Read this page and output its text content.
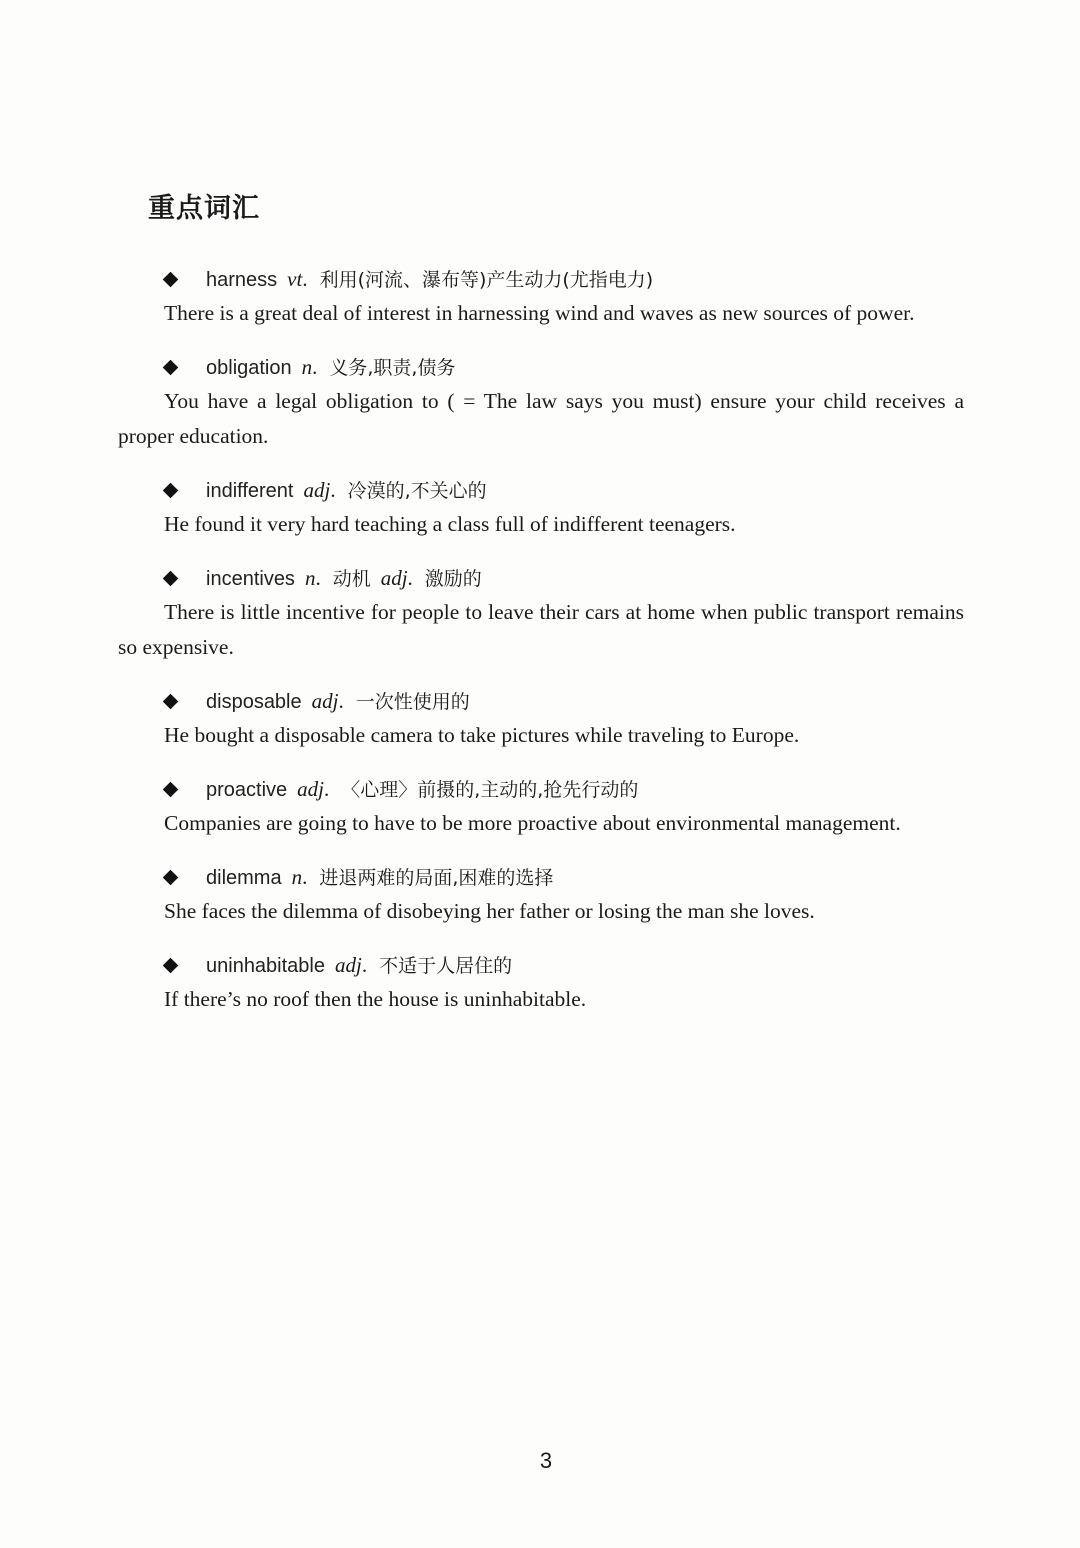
重点词汇
harness vt. 利用(河流、瀑布等)产生动力(尤指电力)

There is a great deal of interest in harnessing wind and waves as new sources of power.

obligation n. 义务,职责,债务

You have a legal obligation to ( = The law says you must) ensure your child receives a proper education.

indifferent adj. 冷漠的,不关心的

He found it very hard teaching a class full of indifferent teenagers.

incentives n. 动机 adj. 激励的

There is little incentive for people to leave their cars at home when public transport remains so expensive.

disposable adj. 一次性使用的

He bought a disposable camera to take pictures while traveling to Europe.

proactive adj. 〈心理〉前摄的,主动的,抢先行动的

Companies are going to have to be more proactive about environmental management.

dilemma n. 进退两难的局面,困难的选择

She faces the dilemma of disobeying her father or losing the man she loves.

uninhabitable adj. 不适于人居住的

If there’s no roof then the house is uninhabitable.

3
